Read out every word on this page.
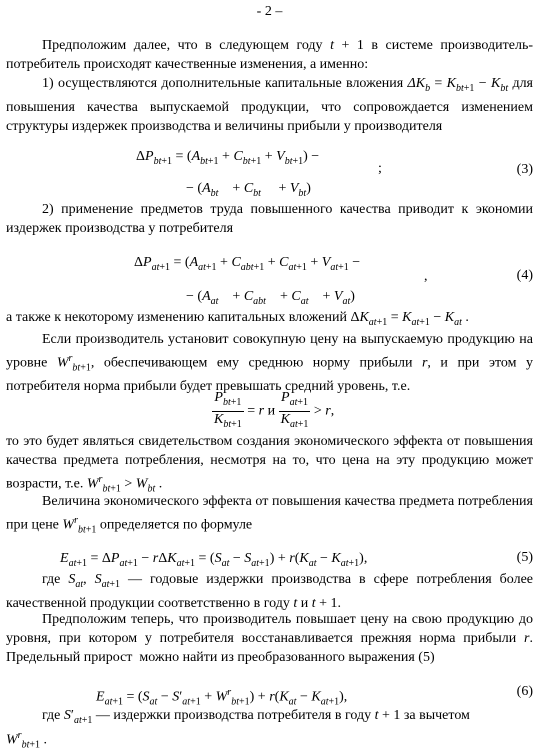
- 2 –
Предположим далее, что в следующем году t + 1 в системе производитель-потребитель происходят качественные изменения, а именно:
1) осуществляются дополнительные капитальные вложения $\Delta K_b = K_{bt+1} - K_{bt}$ для повышения качества выпускаемой продукции, что сопровождается изменением структуры издержек производства и величины прибыли у производителя
$\Delta P_{bt+1} = (A_{bt+1} + C_{bt+1} + V_{bt+1})$ −
;
− ($A_{bt}$    + $C_{bt}$     + $V_{bt}$)
(3)
2) применение предметов труда повышенного качества приводит к экономии издержек производства у потребителя
$\Delta P_{at+1} = (A_{at+1} + C_{abt+1} + C_{at+1} + V_{at+1}$ −
,
− ($A_{at}$    + $C_{abt}$    + $C_{at}$    + $V_{at}$)
(4)
а также к некоторому изменению капитальных вложений $\Delta K_{at+1} = K_{at+1} - K_{at}$ .
Если производитель установит совокупную цену на выпускаемую продукцию на уровне $W^r_{bt+1}$, обеспечивающем ему среднюю норму прибыли r, и при этом у потребителя норма прибыли будет превышать средний уровень, т.е.
$\frac{P_{bt+1}}{K_{bt+1}} = r$ и $\frac{P_{at+1}}{K_{at+1}} > r$,
то это будет являться свидетельством создания экономического эффекта от повышения качества предмета потребления, несмотря на то, что цена на эту продукцию может возрасти, т.е. $W^r_{bt+1} > W_{bt}$ .
Величина экономического эффекта от повышения качества предмета потребления при цене $W^r_{bt+1}$ определяется по формуле
$E_{at+1} = \Delta P_{at+1} - r\Delta K_{at+1} = (S_{at} - S_{at+1}) + r(K_{at} - K_{at+1})$,	(5)
где $S_{at}$, $S_{at+1}$ — годовые издержки производства в сфере потребления более качественной продукции соответственно в году t и t + 1.
Предположим теперь, что производитель повышает цену на свою продукцию до уровня, при котором у потребителя восстанавливается прежняя норма прибыли r. Предельный прирост  можно найти из преобразованного выражения (5)
$E_{at+1} = (S_{at} - S'_{at+1} + W^r_{bt+1}) + r(K_{at} - K_{at+1})$,	(6)
где $S'_{at+1}$ — издержки производства потребителя в году t + 1 за вычетом
$W^r_{bt+1}$ .
